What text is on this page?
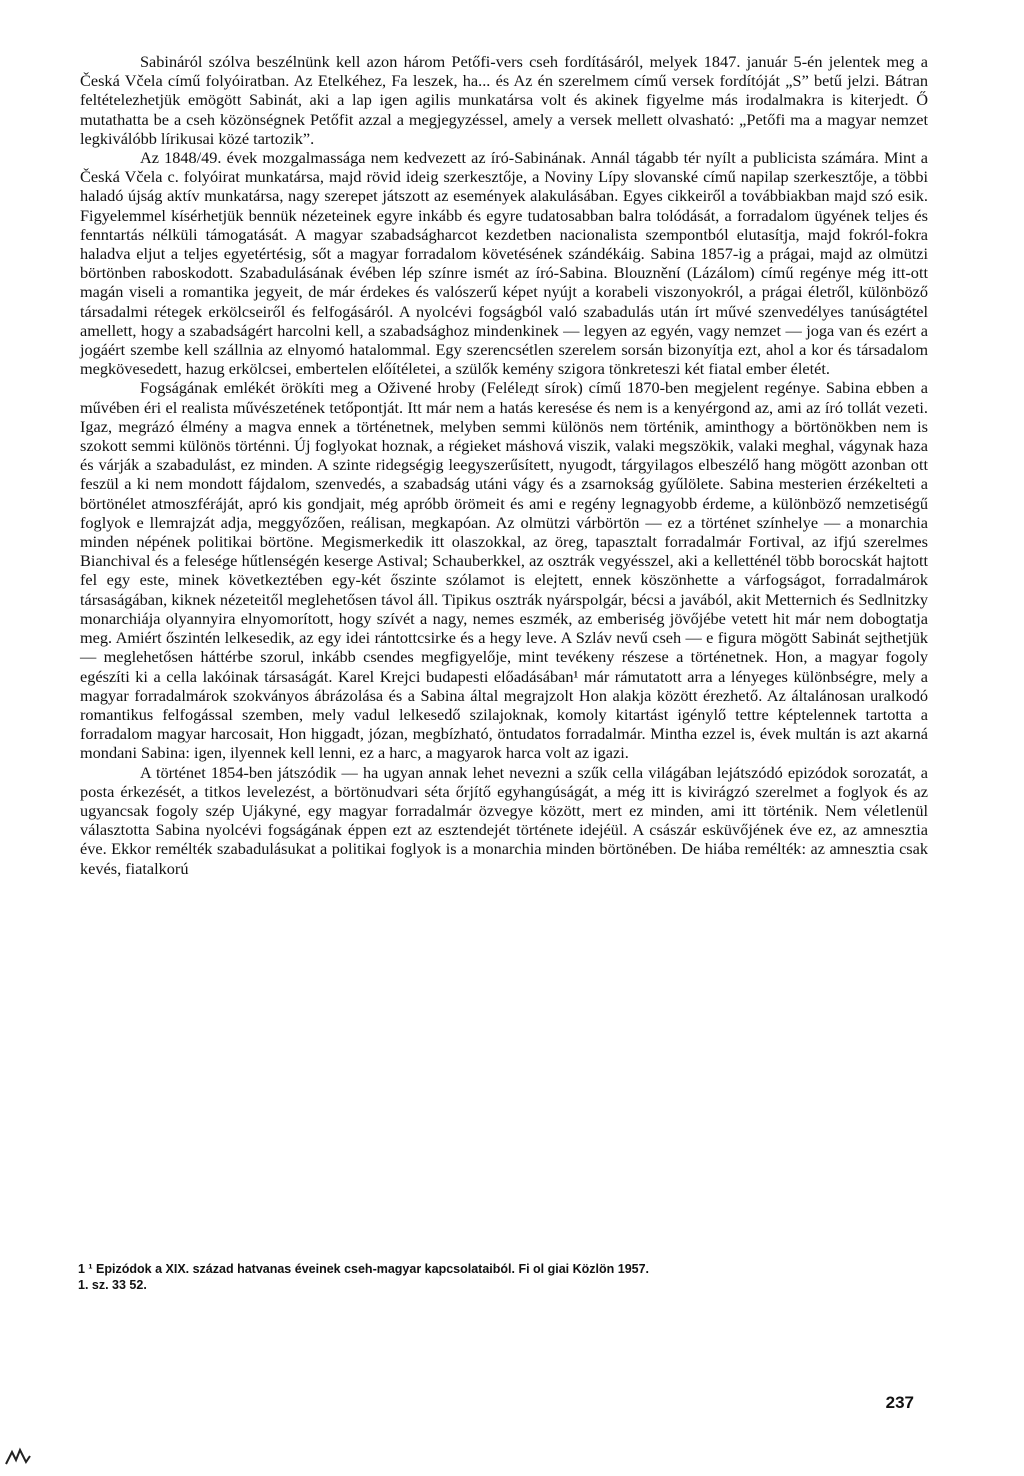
Sabináról szólva beszélnünk kell azon három Petőfi-vers cseh fordításáról, melyek 1847. január 5-én jelentek meg a Česká Včela című folyóiratban. Az Etelkéhez, Fa leszek, ha... és Az én szerelmem című versek fordítóját „S” betű jelzi. Bátran feltételezhetjük emögött Sabinát, aki a lap igen agilis munkatársa volt és akinek figyelme más irodalmakra is kiterjedt. Ő mutathatta be a cseh közönségnek Petőfit azzal a megjegyzéssel, amely a versek mellett olvasható: „Petőfi ma a magyar nemzet legkiválóbb lírikusai közé tartozik”.

Az 1848/49. évek mozgalmassága nem kedvezett az író-Sabinának. Annál tágabb tér nyílt a publicista számára. Mint a Česká Včela c. folyóirat munkatársa, majd rövid ideig szerkesztője, a Noviny Lípy slovanské című napilap szerkesztője, a többi haladó újság aktív munkatársa, nagy szerepet játszott az események alakulásában. Egyes cikkeiről a továbbiakban majd szó esik. Figyelemmel kísérhetjük bennük nézeteinek egyre inkább és egyre tudatosabban balra tolódását, a forradalom ügyének teljes és fenntartás nélküli támogatását. A magyar szabadságharcot kezdetben nacionalista szempontból elutasítja, majd fokról-fokra haladva eljut a teljes egyetértésig, sőt a magyar forradalom követésének szándékáig. Sabina 1857-ig a prágai, majd az olmützi börtönben raboskodott. Szabadulásának évében lép színre ismét az író-Sabina. Blouznění (Lázálom) című regénye még itt-ott magán viseli a romantika jegyeit, de már érdekes és valószerű képet nyújt a korabeli viszonyokról, a prágai életről, különböző társadalmi rétegek erkölcseiről és felfogásáról. A nyolcévi fogságból való szabadulás után írt művé szenvedélyes tanúságtétel amellett, hogy a szabadságért harcolni kell, a szabadsághoz mindenkinek — legyen az egyén, vagy nemzet — joga van és ezért a jogáért szembe kell szállnia az elnyomó hatalommal. Egy szerencsétlen szerelem sorsán bizonyítja ezt, ahol a kor és társadalom megkövesedett, hazug erkölcsei, embertelen előítéletei, a szülők kemény szigora tönkreteszi két fiatal ember életét.

Fogságának emlékét örökíti meg a Oživené hroby (Felélедt sírok) című 1870-ben megjelent regénye. Sabina ebben a művében éri el realista művészetének tetőpontját. Itt már nem a hatás keresése és nem is a kenyérgond az, ami az író tollát vezeti. Igaz, megrázó élmény a magva ennek a történetnek, melyben semmi különös nem történik, aminthogy a börtönökben nem is szokott semmi különös történni. Új foglyokat hoznak, a régieket máshová viszik, valaki megszökik, valaki meghal, vágynak haza és várják a szabadulást, ez minden. A szinte ridegségig leegyszerűsített, nyugodt, tárgyilagos elbeszélő hang mögött azonban ott feszül a ki nem mondott fájdalom, szenvedés, a szabadság utáni vágy és a zsarnokság gyűlölete. Sabina mesterien érzékelteti a börtönélet atmoszféráját, apró kis gondjait, még apróbb örömeit és ami e regény legnagyobb érdeme, a különböző nemzetiségű foglyok e llemrajzát adja, meggyőzően, reálisan, megkapóan. Az olmützi várbörtön — ez a történet színhelye — a monarchia minden népének politikai börtöne. Megismerkedik itt olaszokkal, az öreg, tapasztalt forradalmár Fortival, az ifjú szerelmes Bianchival és a felesége hűtlenségén keserge Astival; Schauberkkel, az osztrák vegyésszel, aki a kelletténél több borocskát hajtott fel egy este, minek következtében egy-két őszinte szólamot is elejtett, ennek köszönhette a várfogságot, forradalmárok társaságában, kiknek nézeteitől meglehetősen távol áll. Tipikus osztrák nyárspolgár, bécsi a javából, akit Metternich és Sedlnitzky monarchiája olyannyira elnyomorított, hogy szívét a nagy, nemes eszmék, az emberiség jövőjébe vetett hit már nem dobogtatja meg. Amiért őszintén lelkesedik, az egy idei rántottcsirke és a hegy leve. A Szláv nevű cseh — e figura mögött Sabinát sejthetjük — meglehetősen háttérbe szorul, inkább csendes megfigyelője, mint tevékeny részese a történetnek. Hon, a magyar fogoly egészíti ki a cella lakóinak társaságát. Karel Krejci budapesti előadásában¹ már rámutatott arra a lényeges különbségre, mely a magyar forradalmárok szokványos ábrázolása és a Sabina által megrajzolt Hon alakja között érezhető. Az általánosan uralkodó romantikus felfogással szemben, mely vadul lelkesedő szilajoknak, komoly kitartást igénylő tettre képtelennek tartotta a forradalom magyar harcosait, Hon higgadt, józan, megbízható, öntudatos forradalmár. Mintha ezzel is, évek multán is azt akarná mondani Sabina: igen, ilyennek kell lenni, ez a harc, a magyarok harca volt az igazi.

A történet 1854-ben játszódik — ha ugyan annak lehet nevezni a szűk cella világában lejátszódó epizódok sorozatát, a posta érkezését, a titkos levelezést, a börtönudvari séta őrjítő egyhangúságát, a még itt is kivirágzó szerelmet a foglyok és az ugyancsak fogoly szép Ujákyné, egy magyar forradalmár özvegye között, mert ez minden, ami itt történik. Nem véletlenül választotta Sabina nyolcévi fogságának éppen ezt az esztendejét története idejéül. A császár esküvőjének éve ez, az amnesztia éve. Ekkor remélték szabadulásukat a politikai foglyok is a monarchia minden börtönében. De hiába remélték: az amnesztia csak kevés, fiatalkorú

1 ¹ Epizódok a XIX. század hatvanas éveinek cseh-magyar kapcsolataiból. Fi ol giai Közlön 1957.
1. sz. 33 52.
237
